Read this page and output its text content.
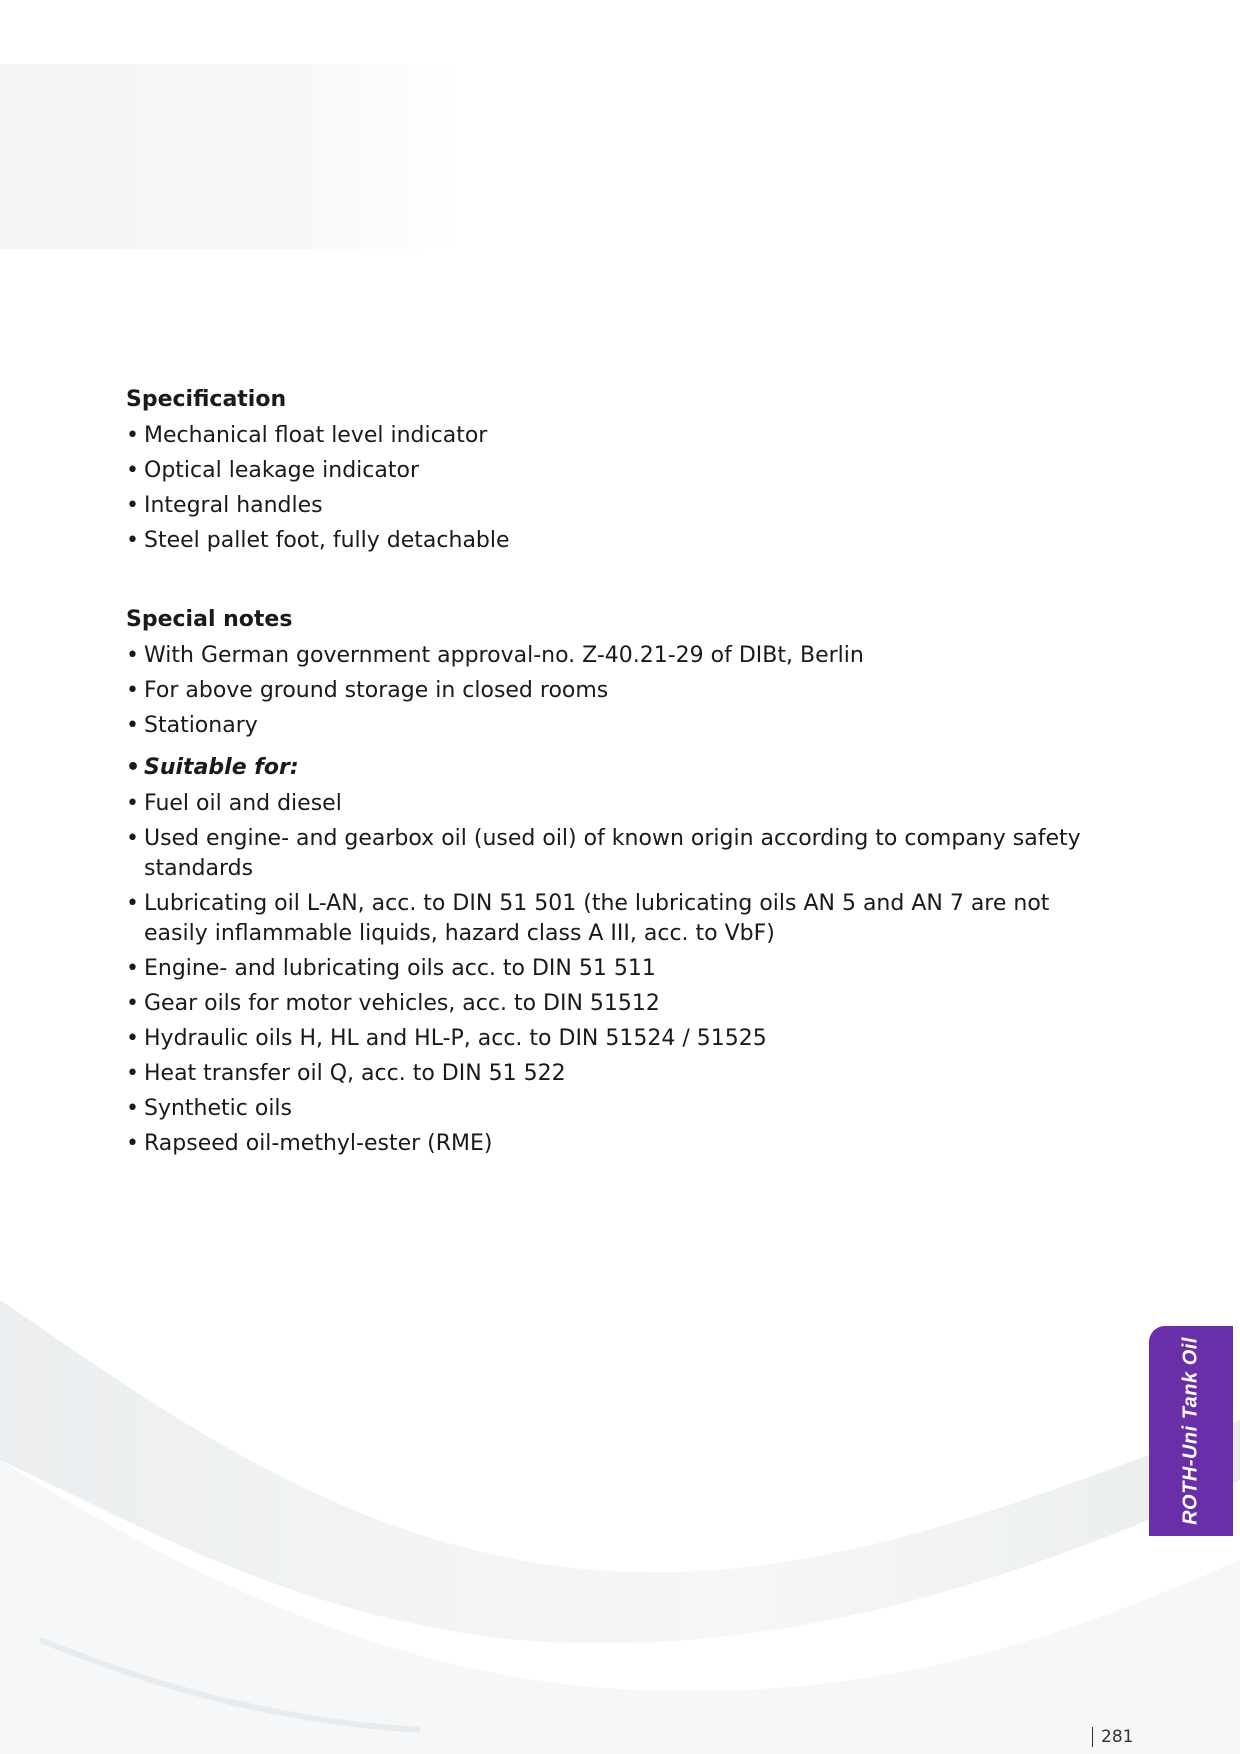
Specification
• Mechanical float level indicator
• Optical leakage indicator
• Integral handles
• Steel pallet foot, fully detachable
Special notes
• With German government approval-no. Z-40.21-29 of DIBt, Berlin
• For above ground storage in closed rooms
• Stationary
• Suitable for:
• Fuel oil and diesel
• Used engine- and gearbox oil (used oil) of known origin according to company safety standards
• Lubricating oil L-AN, acc. to DIN 51 501 (the lubricating oils AN 5 and AN 7 are not easily inflammable liquids, hazard class A III, acc. to VbF)
• Engine- and lubricating oils acc. to DIN 51 511
• Gear oils for motor vehicles, acc. to DIN 51512
• Hydraulic oils H, HL and HL-P, acc. to DIN 51524 / 51525
• Heat transfer oil Q, acc. to DIN 51 522
• Synthetic oils
• Rapseed oil-methyl-ester (RME)
ROTH-Uni Tank Oil
281
